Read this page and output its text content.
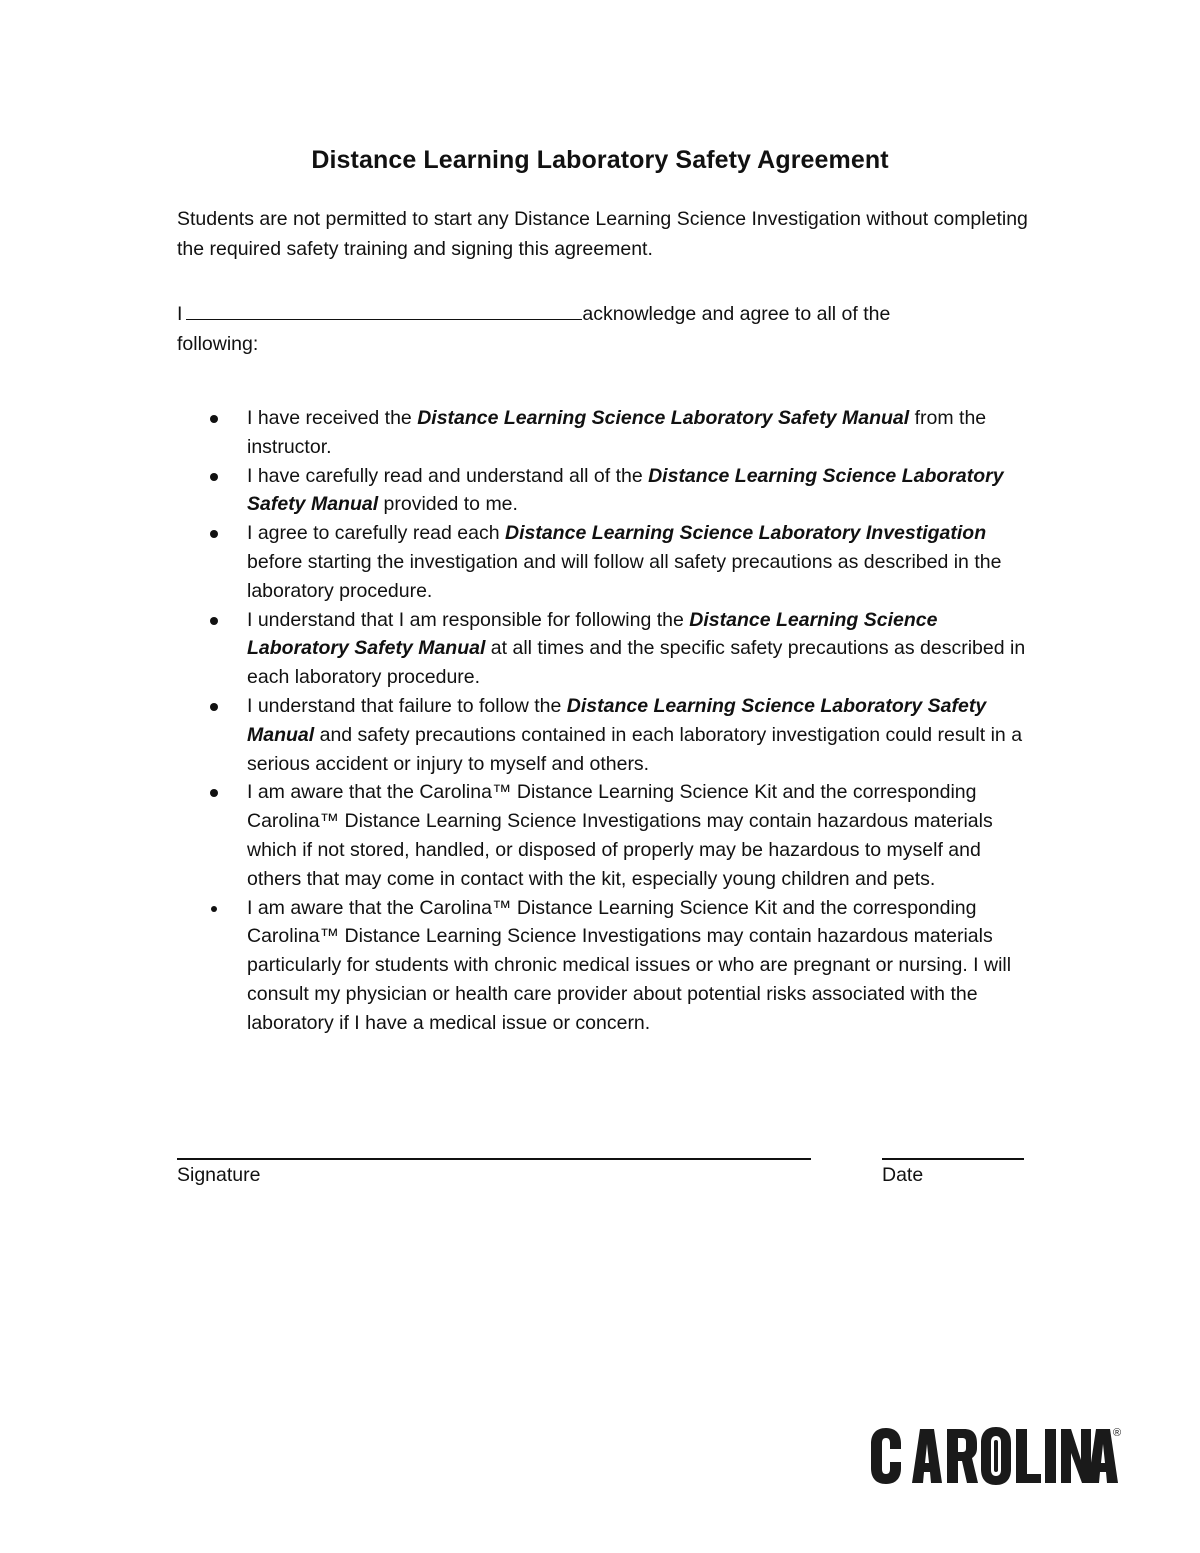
Distance Learning Laboratory Safety Agreement
Students are not permitted to start any Distance Learning Science Investigation without completing the required safety training and signing this agreement.
I	acknowledge and agree to all of the
following:
I have received the Distance Learning Science Laboratory Safety Manual from the instructor.
I have carefully read and understand all of the Distance Learning Science Laboratory Safety Manual provided to me.
I agree to carefully read each Distance Learning Science Laboratory Investigation before starting the investigation and will follow all safety precautions as described in the laboratory procedure.
I understand that I am responsible for following the Distance Learning Science Laboratory Safety Manual at all times and the specific safety precautions as described in each laboratory procedure.
I understand that failure to follow the Distance Learning Science Laboratory Safety Manual and safety precautions contained in each laboratory investigation could result in a serious accident or injury to myself and others.
I am aware that the Carolina™ Distance Learning Science Kit and the corresponding Carolina™ Distance Learning Science Investigations may contain hazardous materials which if not stored, handled, or disposed of properly may be hazardous to myself and others that may come in contact with the kit, especially young children and pets.
I am aware that the Carolina™ Distance Learning Science Kit and the corresponding Carolina™ Distance Learning Science Investigations may contain hazardous materials particularly for students with chronic medical issues or who are pregnant or nursing. I will consult my physician or health care provider about potential risks associated with the laboratory if I have a medical issue or concern.
Signature	Date
®
